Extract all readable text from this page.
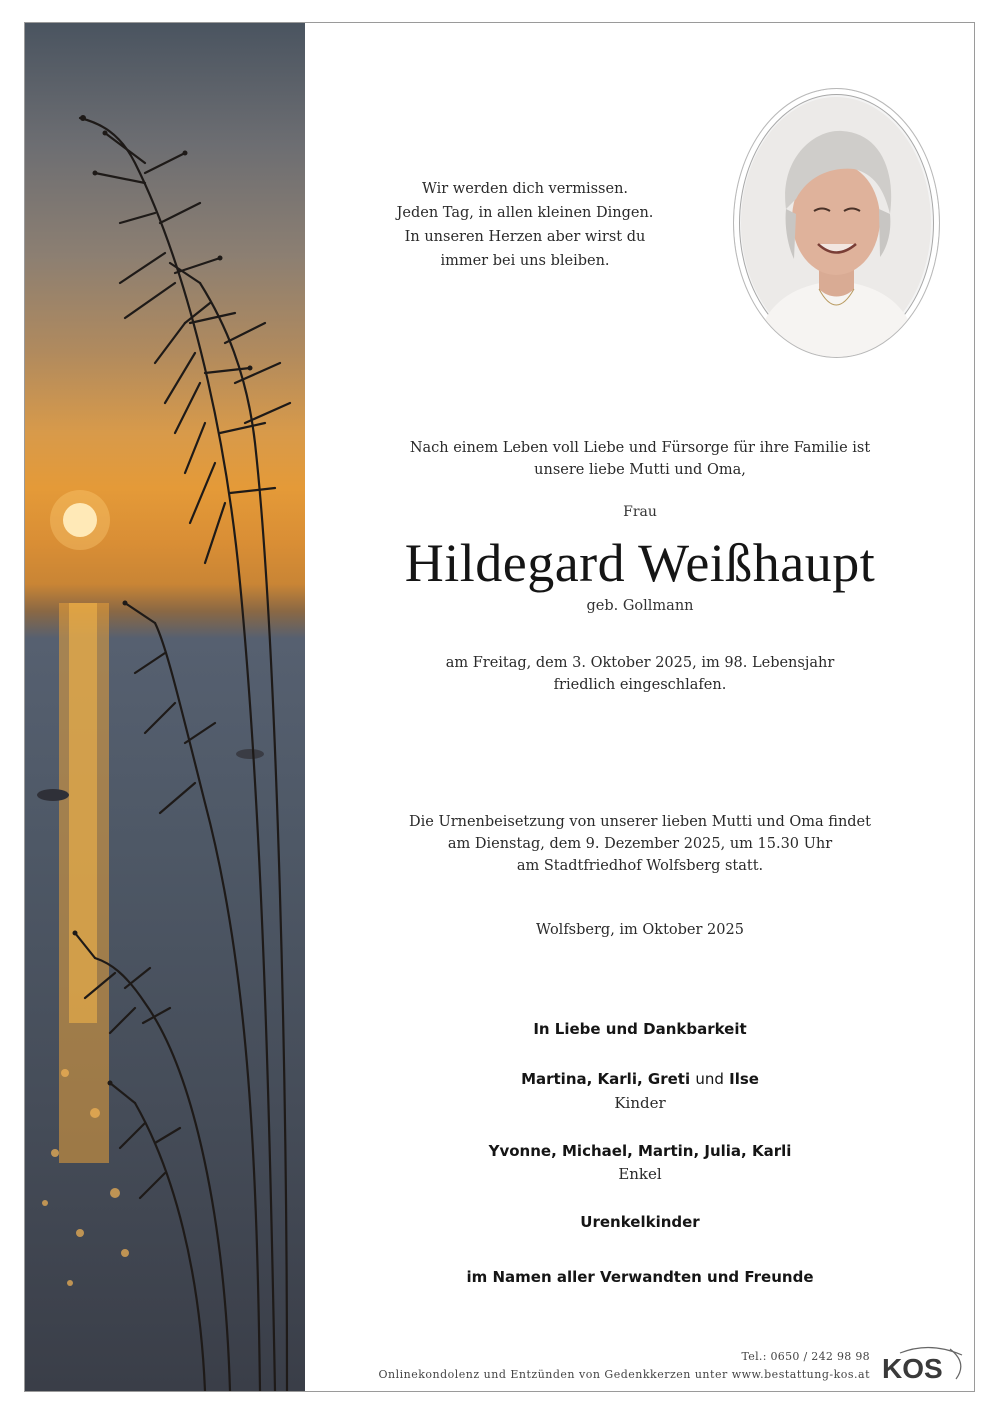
Wir werden dich vermissen.
Jeden Tag, in allen kleinen Dingen.
In unseren Herzen aber wirst du
immer bei uns bleiben.
Nach einem Leben voll Liebe und Fürsorge für ihre Familie ist
unsere liebe Mutti und Oma,
Frau
Hildegard Weißhaupt
geb. Gollmann
am Freitag, dem 3. Oktober 2025, im 98. Lebensjahr
friedlich eingeschlafen.
Die Urnenbeisetzung von unserer lieben Mutti und Oma findet
am Dienstag, dem 9. Dezember 2025, um 15.30 Uhr
am Stadtfriedhof Wolfsberg statt.
Wolfsberg, im Oktober 2025
In Liebe und Dankbarkeit
Martina, Karli, Greti und Ilse
Kinder
Yvonne, Michael, Martin, Julia, Karli
Enkel
Urenkelkinder
im Namen aller Verwandten und Freunde
Tel.: 0650 / 242 98 98
Onlinekondolenz und Entzünden von Gedenkkerzen unter www.bestattung-kos.at KOS
